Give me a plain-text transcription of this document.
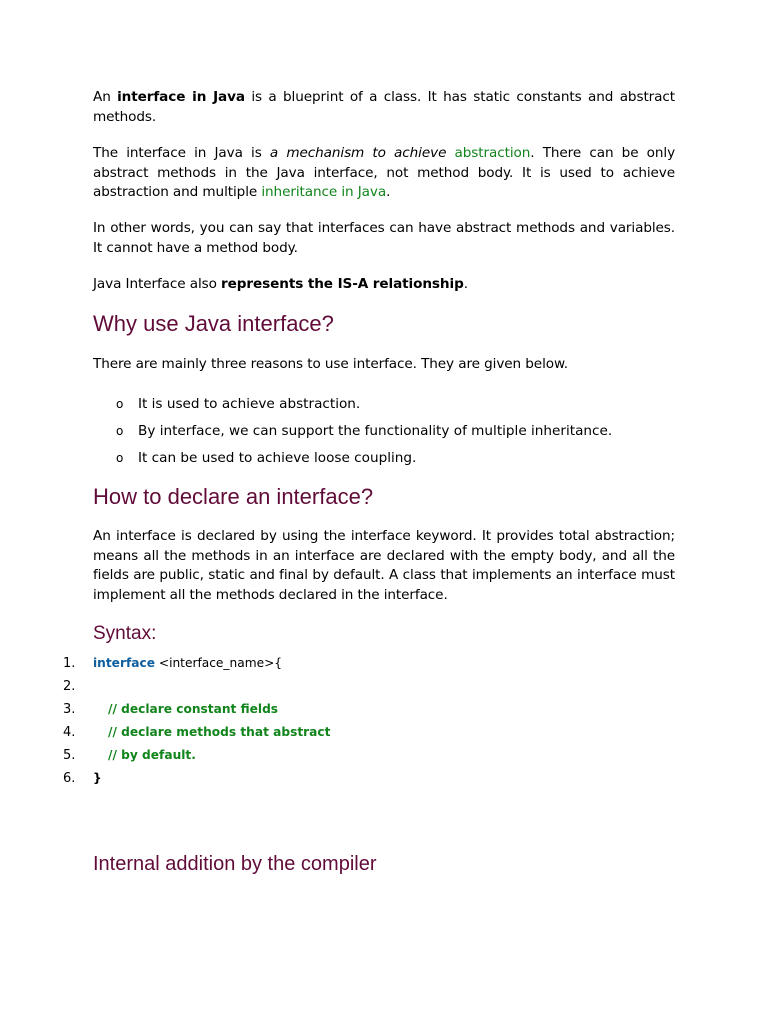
An interface in Java is a blueprint of a class. It has static constants and abstract methods.

The interface in Java is a mechanism to achieve abstraction. There can be only abstract methods in the Java interface, not method body. It is used to achieve abstraction and multiple inheritance in Java.

In other words, you can say that interfaces can have abstract methods and variables. It cannot have a method body.

Java Interface also represents the IS-A relationship.

Why use Java interface?

There are mainly three reasons to use interface. They are given below.

o It is used to achieve abstraction.
o By interface, we can support the functionality of multiple inheritance.
o It can be used to achieve loose coupling.
How to declare an interface?

An interface is declared by using the interface keyword. It provides total abstraction; means all the methods in an interface are declared with the empty body, and all the fields are public, static and final by default. A class that implements an interface must implement all the methods declared in the interface.

Syntax:
1. interface <interface_name>{
2.
3.	// declare constant fields
4.	// declare methods that abstract
5.	// by default.
6. }
Internal addition by the compiler
